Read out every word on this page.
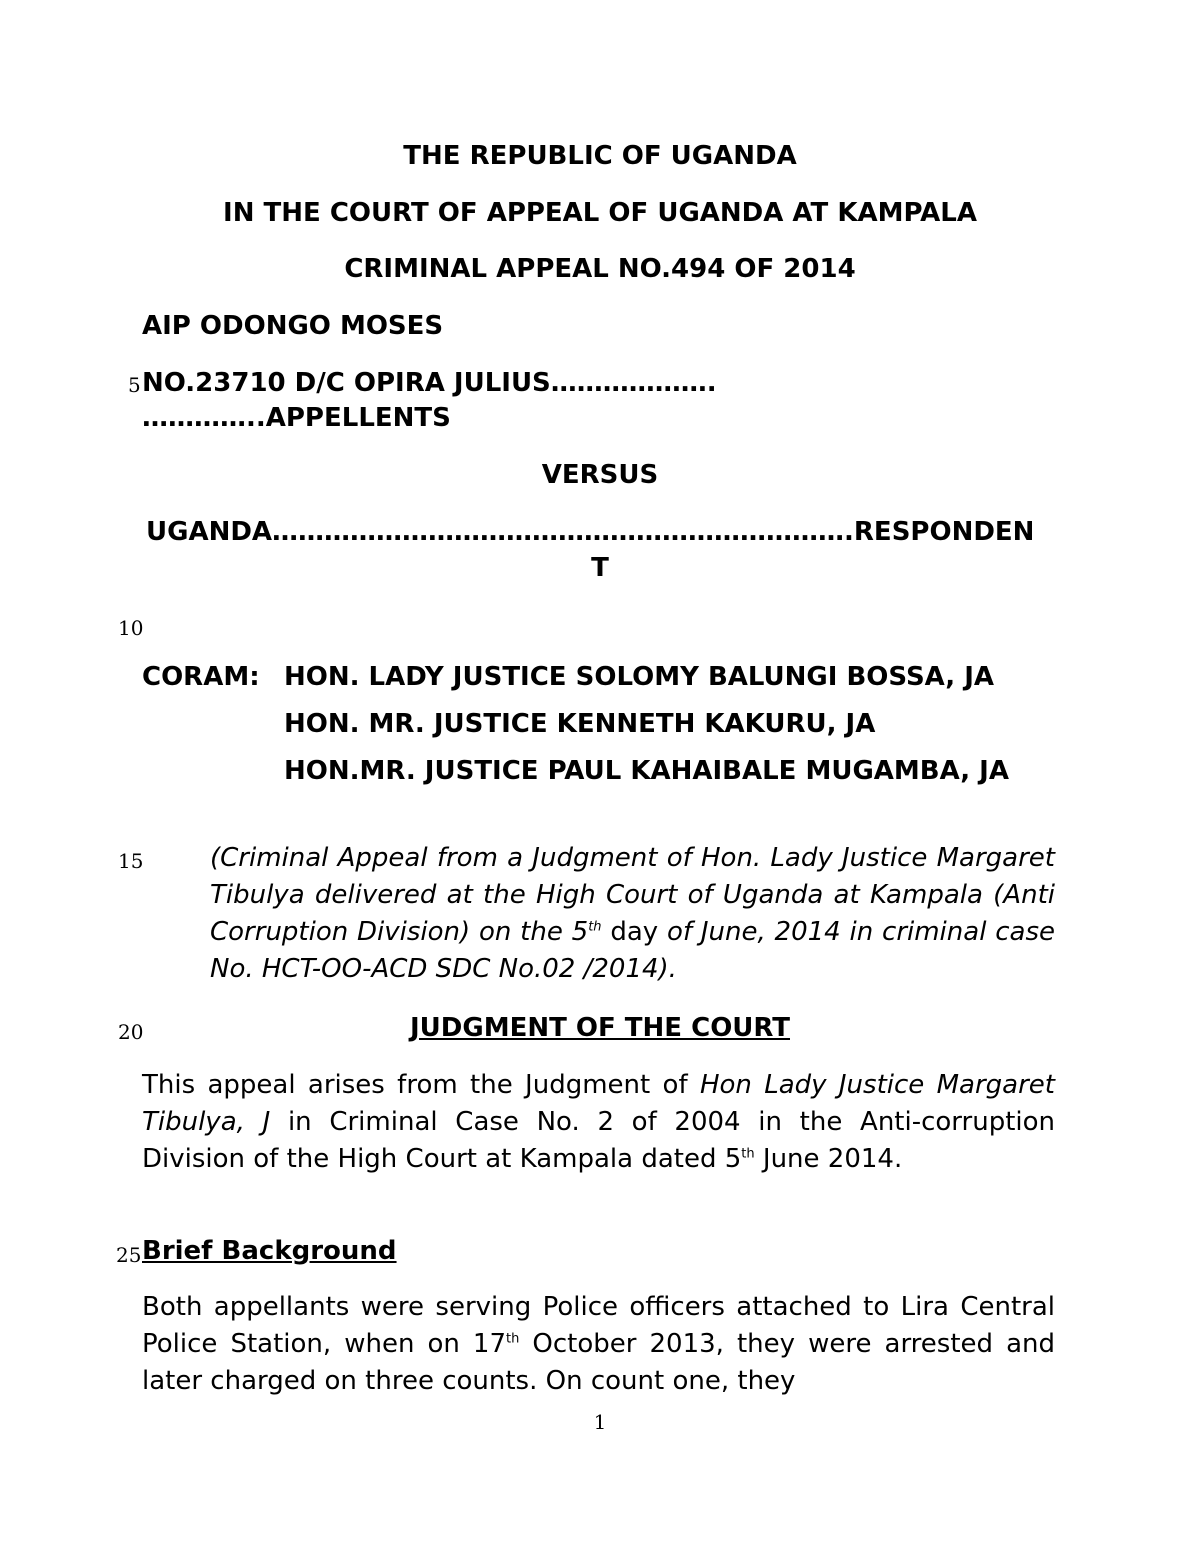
THE REPUBLIC OF UGANDA
IN THE COURT OF APPEAL OF UGANDA AT KAMPALA
CRIMINAL APPEAL NO.494 OF 2014
AIP ODONGO MOSES
5 NO.23710 D/C OPIRA JULIUS……………….
…………..APPELLENTS
VERSUS
UGANDA………………………………………………………….RESPONDEN
T
10
CORAM: HON. LADY JUSTICE SOLOMY BALUNGI BOSSA, JA
HON. MR. JUSTICE KENNETH KAKURU, JA
HON.MR. JUSTICE PAUL KAHAIBALE MUGAMBA, JA
15	(Criminal Appeal from a Judgment of Hon. Lady Justice Margaret Tibulya delivered at the High Court of Uganda at Kampala (Anti Corruption Division) on the 5th day of June, 2014 in criminal case No. HCT-OO-ACD SDC No.02 /2014).
20	JUDGMENT OF THE COURT
This appeal arises from the Judgment of Hon Lady Justice Margaret Tibulya, J in Criminal Case No. 2 of 2004 in the Anti-corruption Division of the High Court at Kampala dated 5th June 2014.
25 Brief Background
Both appellants were serving Police officers attached to Lira Central Police Station, when on 17th October 2013, they were arrested and later charged on three counts. On count one, they
1
